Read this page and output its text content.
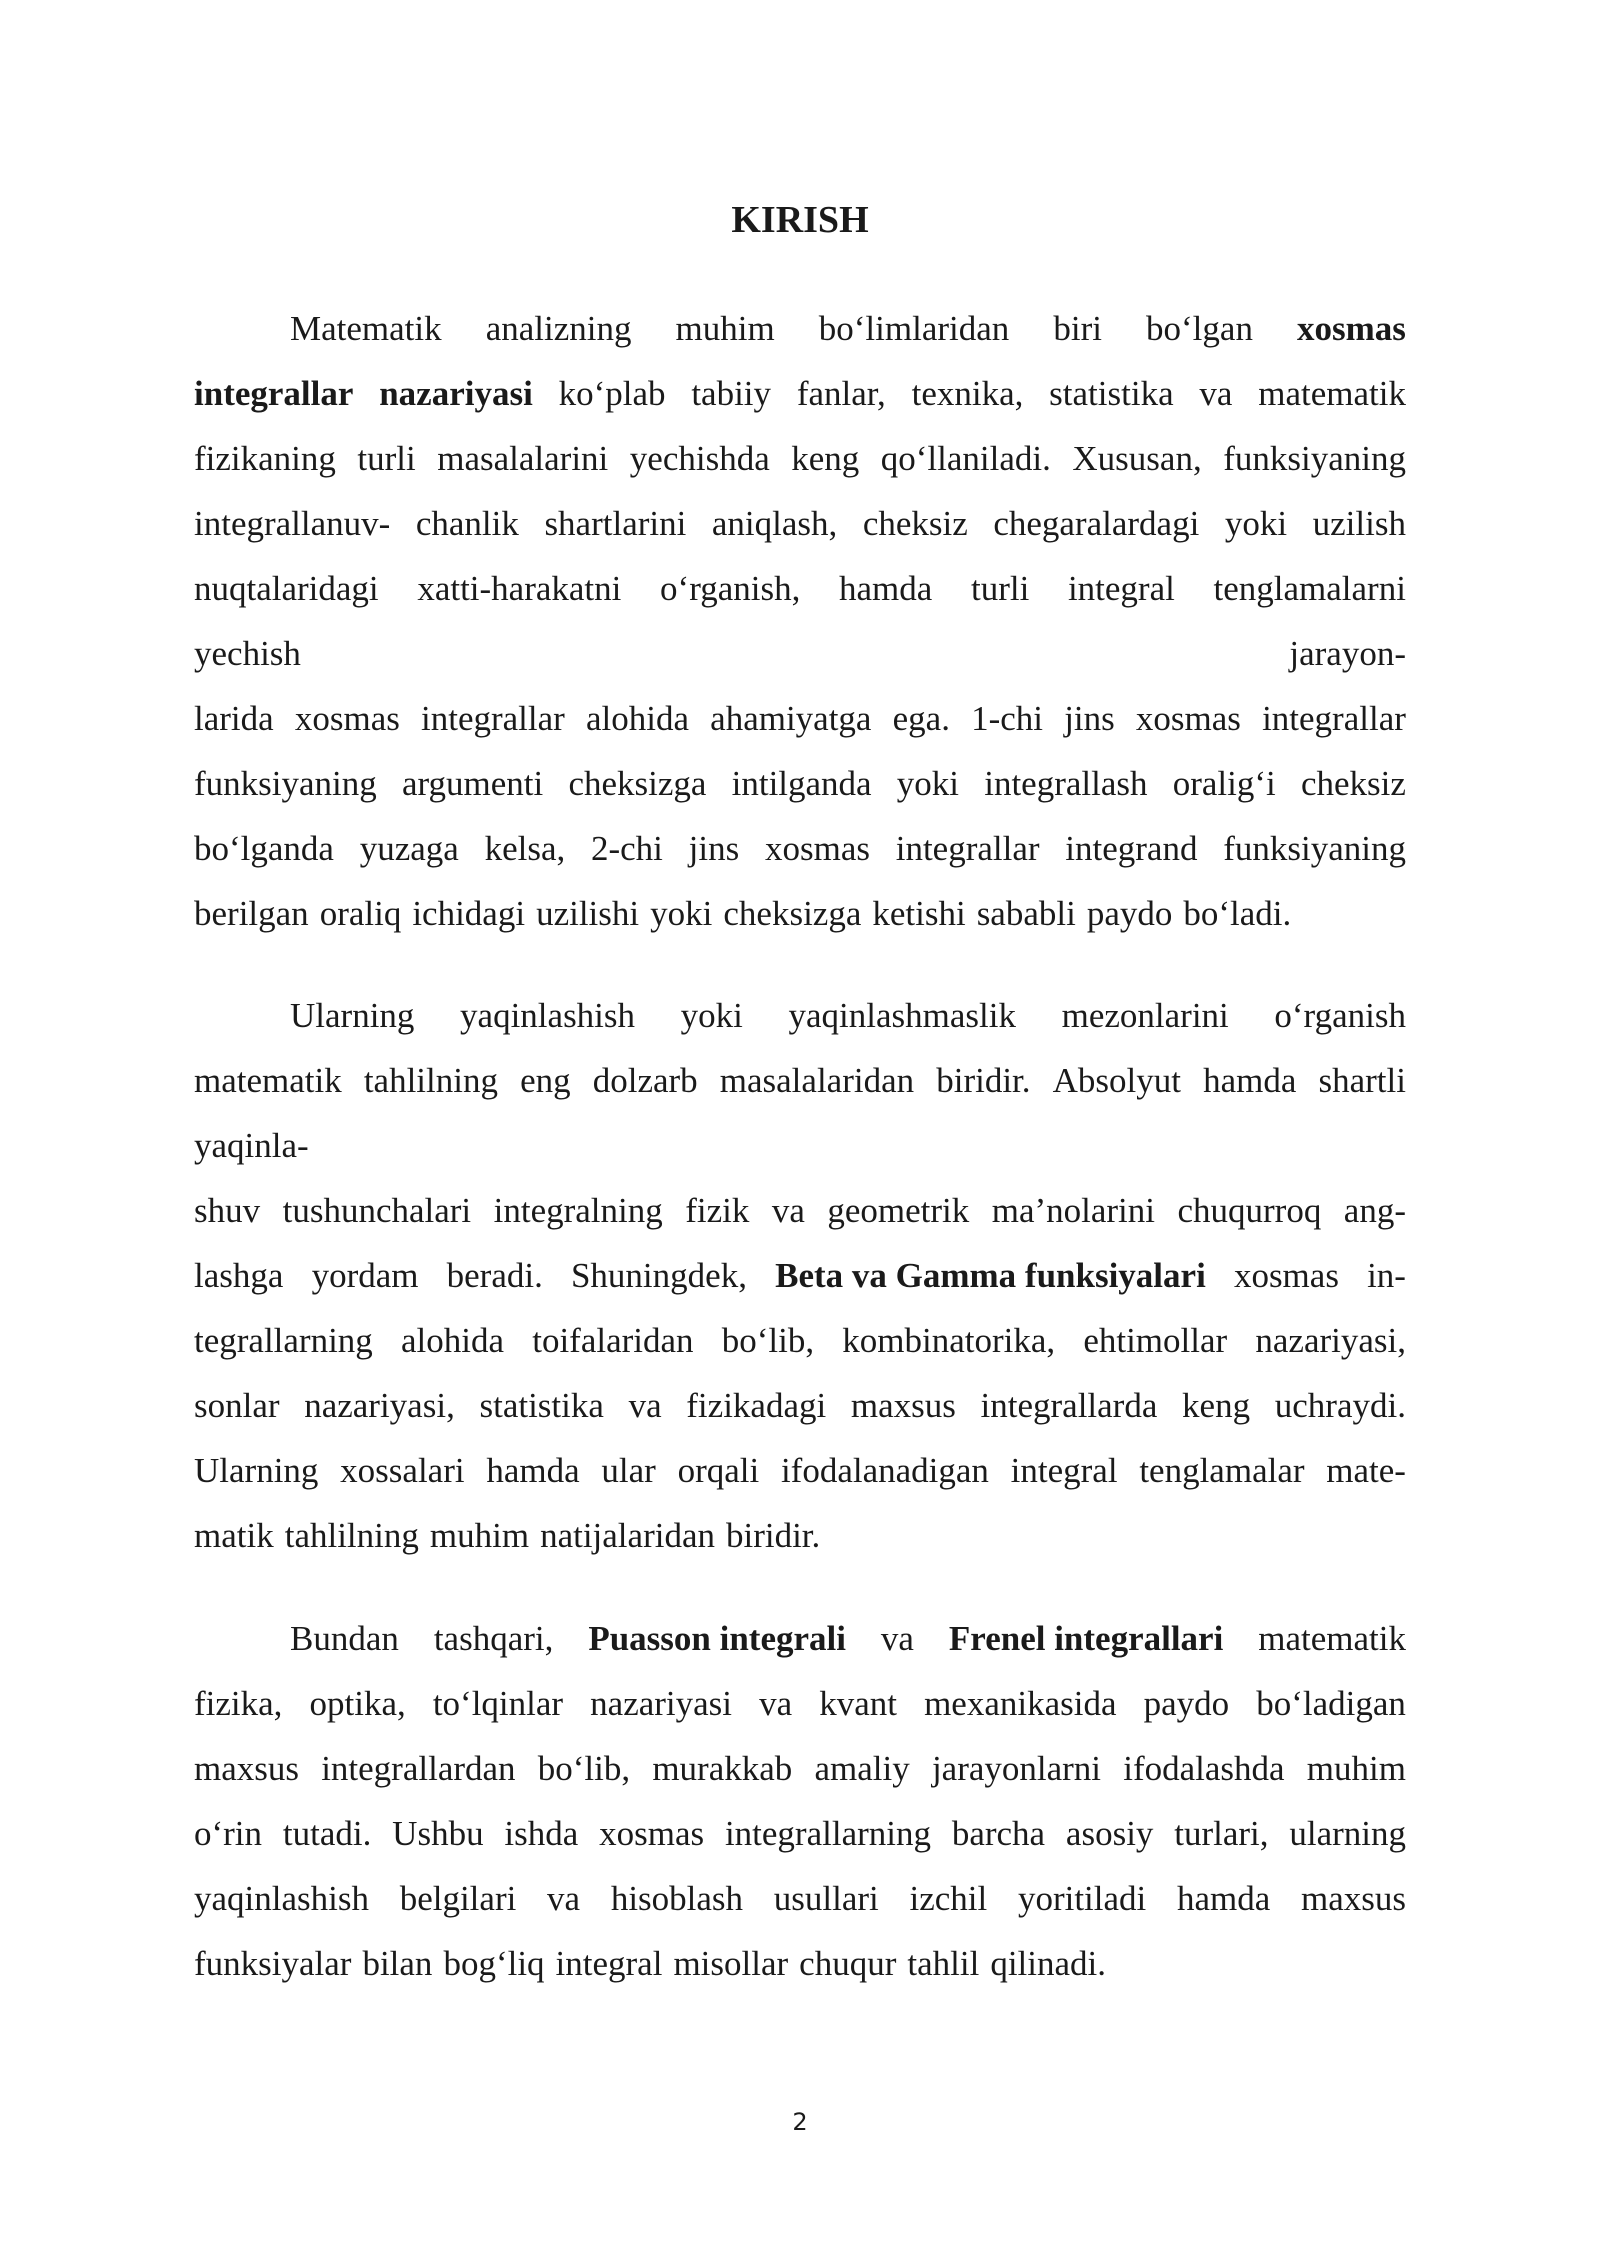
KIRISH
Matematik analizning muhim bo‘limlaridan biri bo‘lgan xosmas
integrallar nazariyasi ko‘plab tabiiy fanlar, texnika, statistika va matematik
fizikaning turli masalalarini yechishda keng qo‘llaniladi. Xususan, funksiyaning
integrallanuv- chanlik shartlarini aniqlash, cheksiz chegaralardagi yoki uzilish
nuqtalaridagi xatti-harakatni o‘rganish, hamda turli integral tenglamalarni
yechish	jarayon-
larida xosmas integrallar alohida ahamiyatga ega. 1-chi jins xosmas integrallar
funksiyaning argumenti cheksizga intilganda yoki integrallash oralig‘i cheksiz
bo‘lganda yuzaga kelsa, 2-chi jins xosmas integrallar integrand funksiyaning
berilgan oraliq ichidagi uzilishi yoki cheksizga ketishi sababli paydo bo‘ladi.
Ularning yaqinlashish yoki yaqinlashmaslik mezonlarini o‘rganish
matematik tahlilning eng dolzarb masalalaridan biridir. Absolyut hamda shartli
yaqinla-
shuv tushunchalari integralning fizik va geometrik ma’nolarini chuqurroq ang-
lashga yordam beradi. Shuningdek, Beta va Gamma funksiyalari xosmas in-
tegrallarning alohida toifalaridan bo‘lib, kombinatorika, ehtimollar nazariyasi,
sonlar nazariyasi, statistika va fizikadagi maxsus integrallarda keng uchraydi.
Ularning xossalari hamda ular orqali ifodalanadigan integral tenglamalar mate-
matik tahlilning muhim natijalaridan biridir.
Bundan tashqari, Puasson integrali va Frenel integrallari matematik
fizika, optika, to‘lqinlar nazariyasi va kvant mexanikasida paydo bo‘ladigan
maxsus integrallardan bo‘lib, murakkab amaliy jarayonlarni ifodalashda muhim
o‘rin tutadi. Ushbu ishda xosmas integrallarning barcha asosiy turlari, ularning
yaqinlashish belgilari va hisoblash usullari izchil yoritiladi hamda maxsus
funksiyalar bilan bog‘liq integral misollar chuqur tahlil qilinadi.
2
